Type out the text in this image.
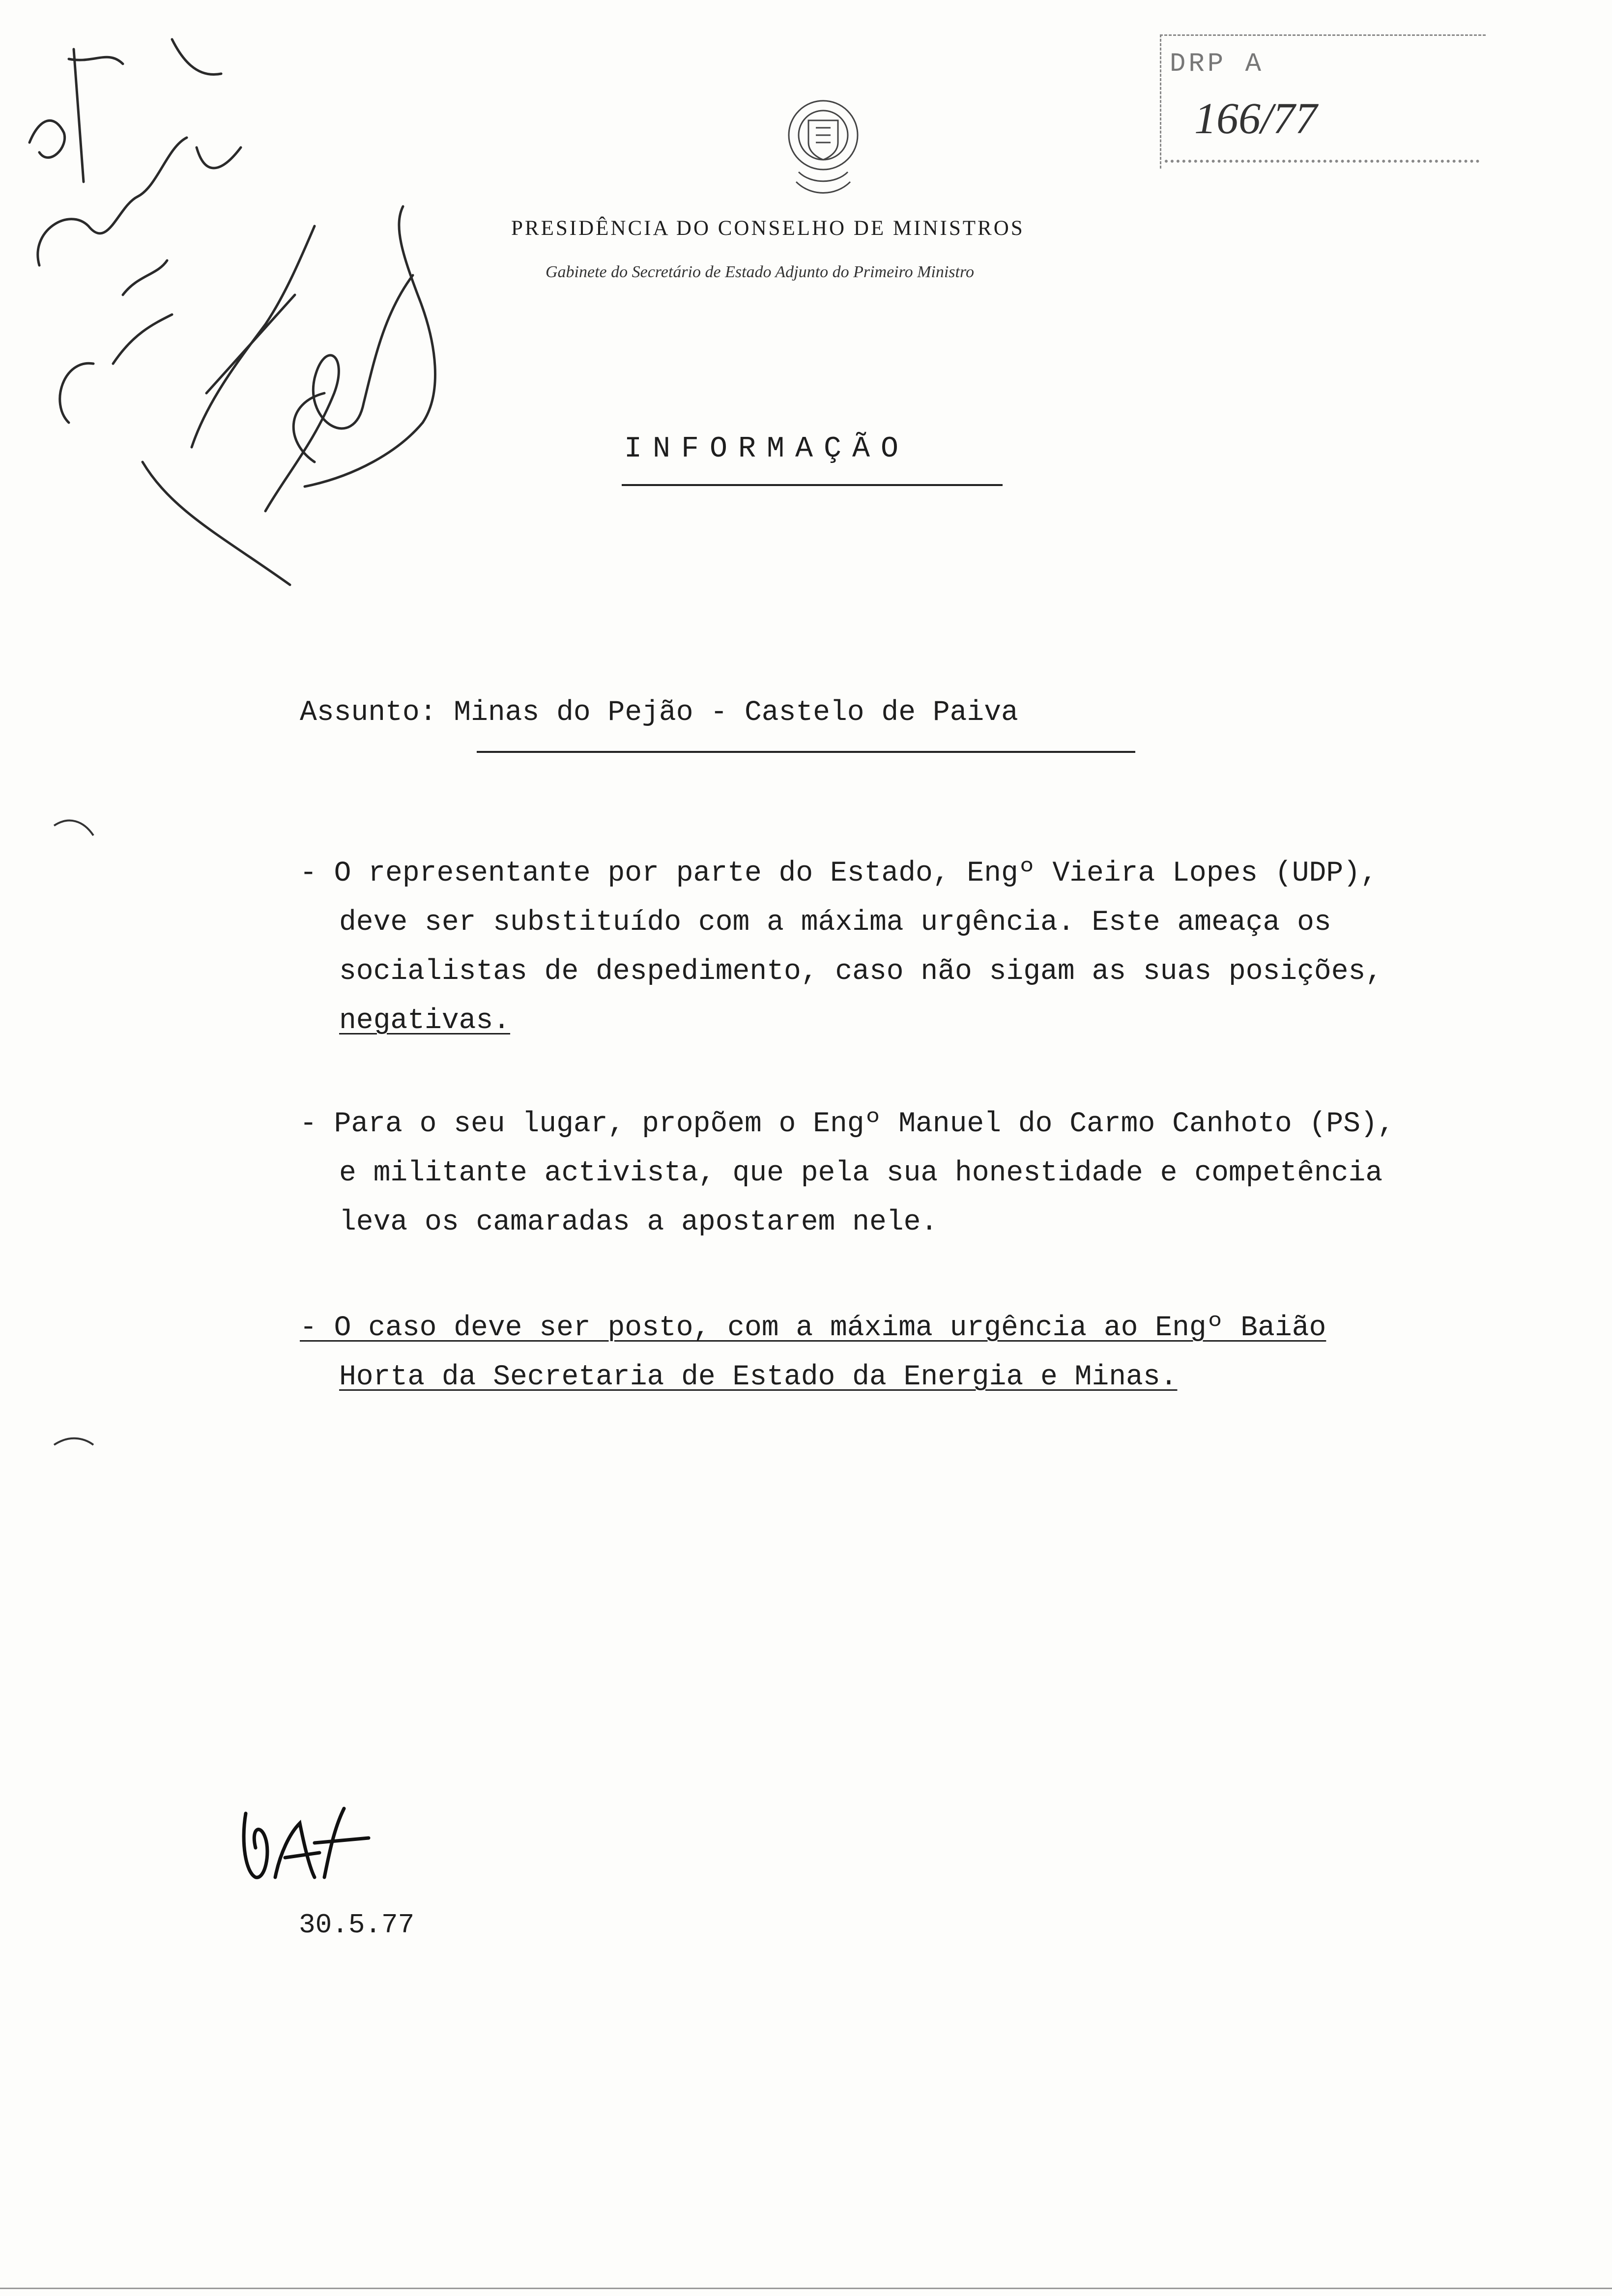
DRP A
166/77
PRESIDÊNCIA DO CONSELHO DE MINISTROS
Gabinete do Secretário de Estado Adjunto do Primeiro Ministro
INFORMAÇÃO
Assunto: Minas do Pejão - Castelo de Paiva
- O representante por parte do Estado, Engº Vieira Lopes (UDP),
deve ser substituído com a máxima urgência. Este ameaça os
socialistas de despedimento, caso não sigam as suas posições,
negativas.
- Para o seu lugar, propõem o Engº Manuel do Carmo Canhoto (PS),
e militante activista, que pela sua honestidade e competência
leva os camaradas a apostarem nele.
- O caso deve ser posto, com a máxima urgência ao Engº Baião
Horta da Secretaria de Estado da Energia e Minas.
30.5.77
